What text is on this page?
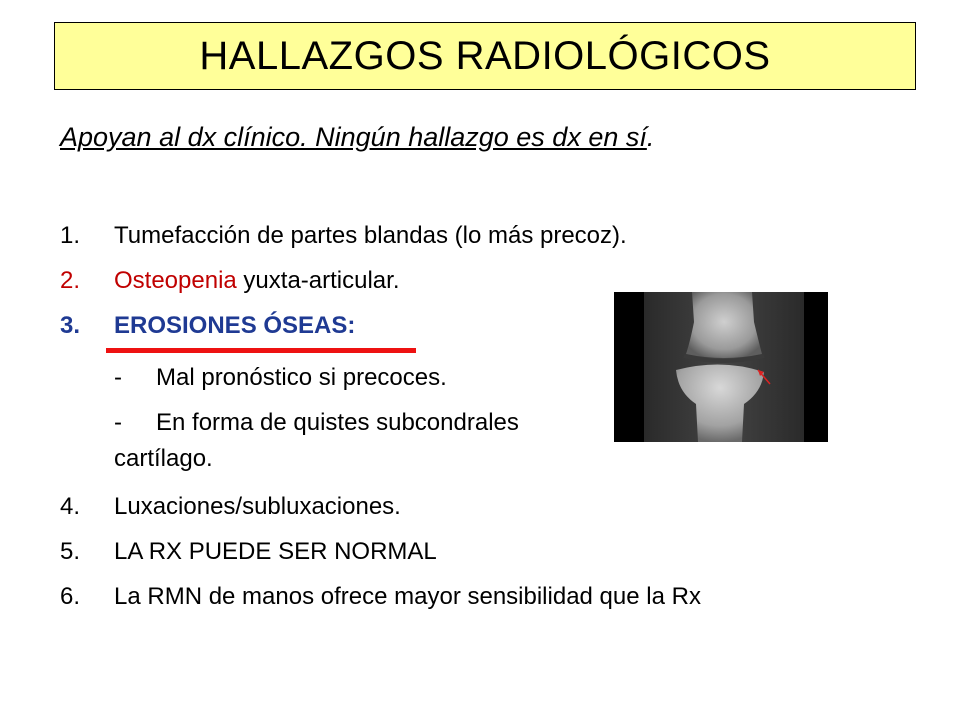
HALLAZGOS RADIOLÓGICOS
Apoyan al dx clínico. Ningún hallazgo es dx en sí.
1. Tumefacción de partes blandas (lo más precoz).
2. Osteopenia yuxta-articular.
3. EROSIONES ÓSEAS:
- Mal pronóstico si precoces.
- En forma de quistes subcondrales
cartílago.
4. Luxaciones/subluxaciones.
5. LA RX PUEDE SER NORMAL
6. La RMN de manos ofrece mayor sensibilidad que la Rx
